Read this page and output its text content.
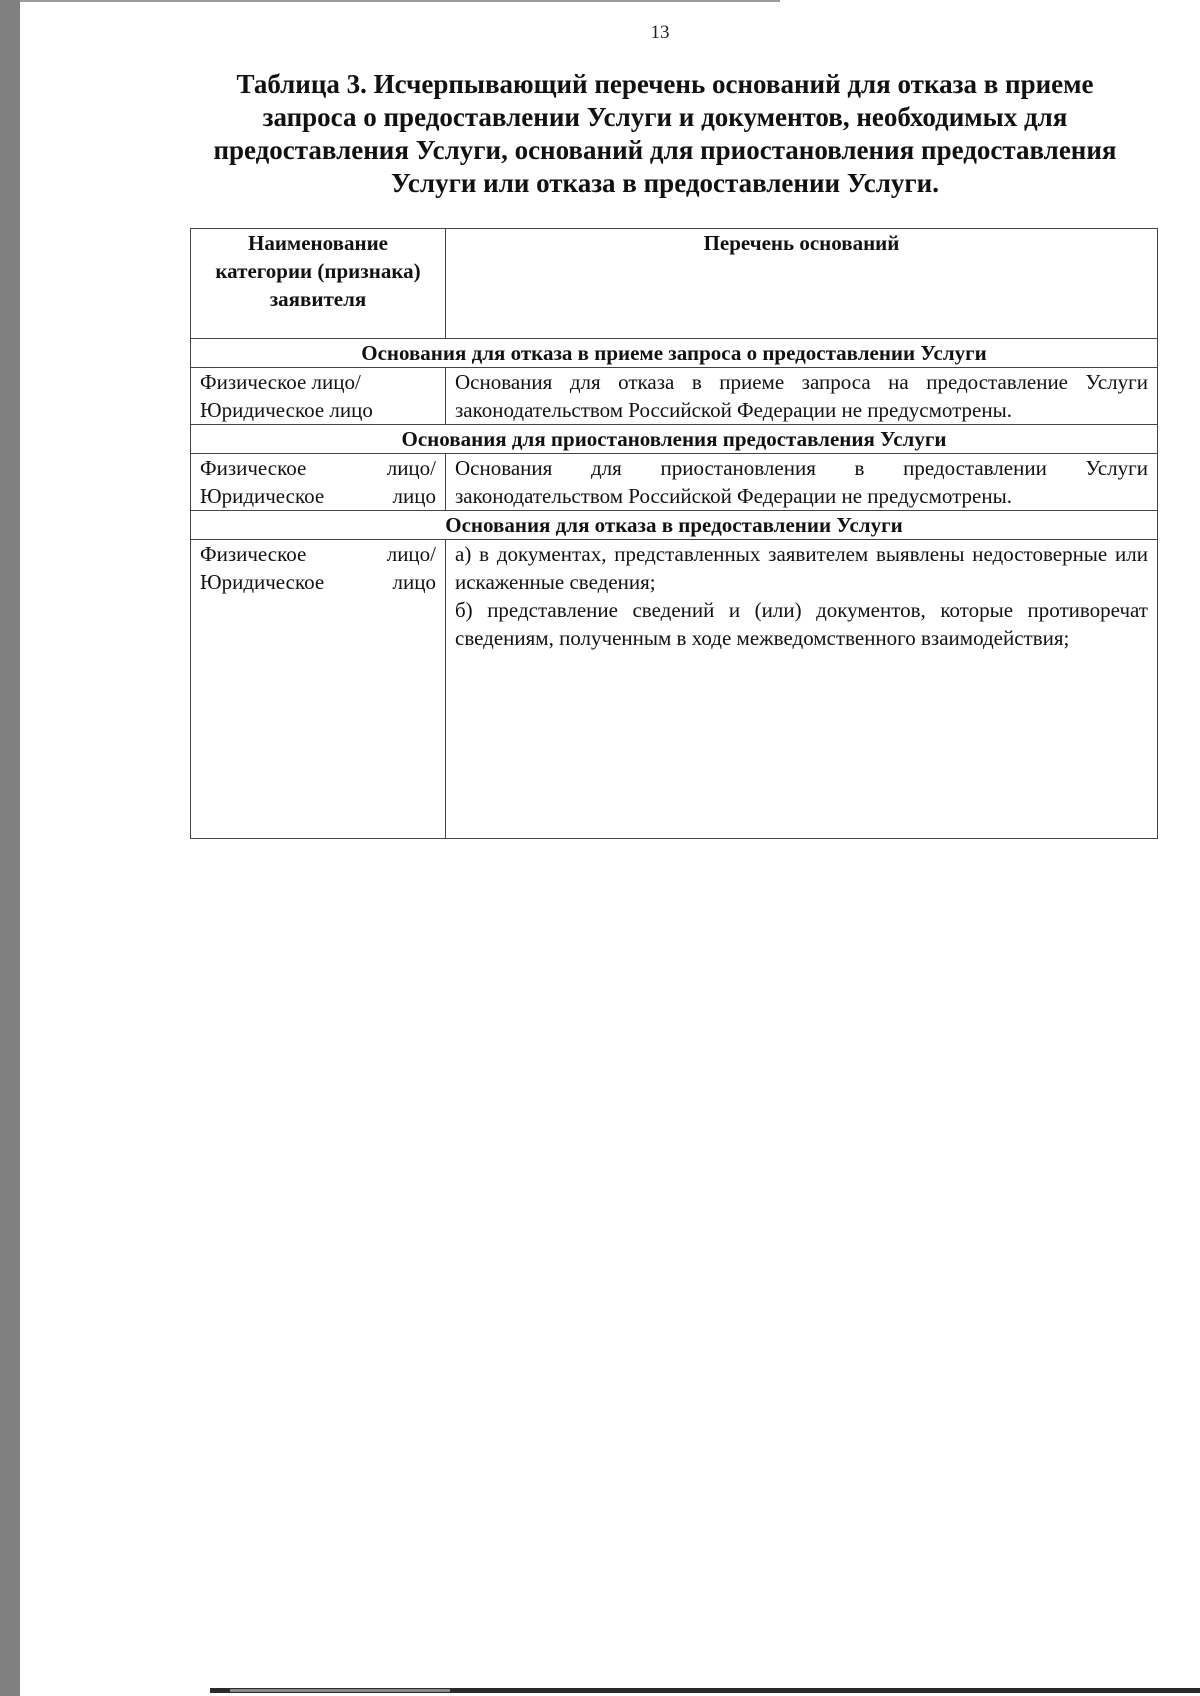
13
Таблица 3. Исчерпывающий перечень оснований для отказа в приеме запроса о предоставлении Услуги и документов, необходимых для предоставления Услуги, оснований для приостановления предоставления Услуги или отказа в предоставлении Услуги.
Наименование категории (признака) заявителя	Перечень оснований
Основания для отказа в приеме запроса о предоставлении Услуги	
Физическое лицо/Юридическое лицо	Основания для отказа в приеме запроса на предоставление Услуги законодательством Российской Федерации не предусмотрены.

Основания для приостановления предоставления Услуги	
Физическое лицо/ Юридическое лицо	Основания для приостановления в предоставлении Услуги законодательством Российской Федерации не предусмотрены.

Основания для отказа в предоставлении Услуги	
Физическое лицо/ Юридическое лицо	а) в документах, представленных заявителем выявлены недостоверные или искаженные сведения;

б) представление сведений и (или) документов, которые противоречат сведениям, полученным в ходе межведомственного взаимодействия;
